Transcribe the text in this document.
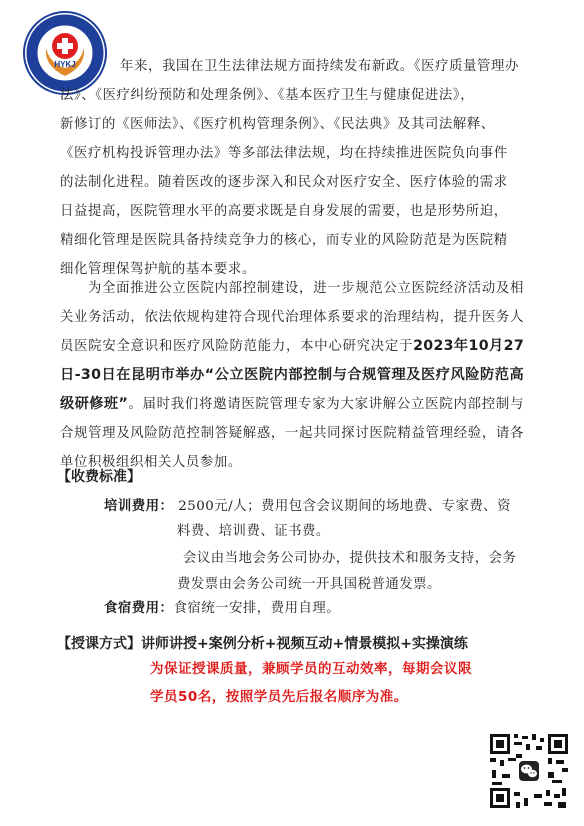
HYKJ	年来，我国在卫生法律法规方面持续发布新政。《医疗质量管理办
法》、《医疗纠纷预防和处理条例》、《基本医疗卫生与健康促进法》，
新修订的《医师法》、《医疗机构管理条例》、《民法典》及其司法解释、
《医疗机构投诉管理办法》等多部法律法规，均在持续推进医院负向事件
的法制化进程。随着医改的逐步深入和民众对医疗安全、医疗体验的需求
日益提高，医院管理水平的高要求既是自身发展的需要，也是形势所迫，
精细化管理是医院具备持续竞争力的核心，而专业的风险防范是为医院精
细化管理保驾护航的基本要求。

为全面推进公立医院内部控制建设，进一步规范公立医院经济活动及相关业务活动，依法依规构建符合现代治理体系要求的治理结构，提升医务人员医院安全意识和医疗风险防范能力，本中心研究决定于2023年10月27日-30日在昆明市举办“公立医院内部控制与合规管理及医疗风险防范高级研修班”。届时我们将邀请医院管理专家为大家讲解公立医院内部控制与合规管理及风险防范控制答疑解惑，一起共同探讨医院精益管理经验，请各单位积极组织相关人员参加。

【收费标准】
培训费用： 2500元/人；费用包含会议期间的场地费、专家费、资
料费、培训费、证书费。
会议由当地会务公司协办，提供技术和服务支持，会务费发票由会务公司统一开具国税普通发票。
食宿费用：食宿统一安排，费用自理。
【授课方式】讲师讲授+案例分析+视频互动+情景模拟+实操演练
为保证授课质量，兼顾学员的互动效率，每期会议限学员50名，按照学员先后报名顺序为准。
